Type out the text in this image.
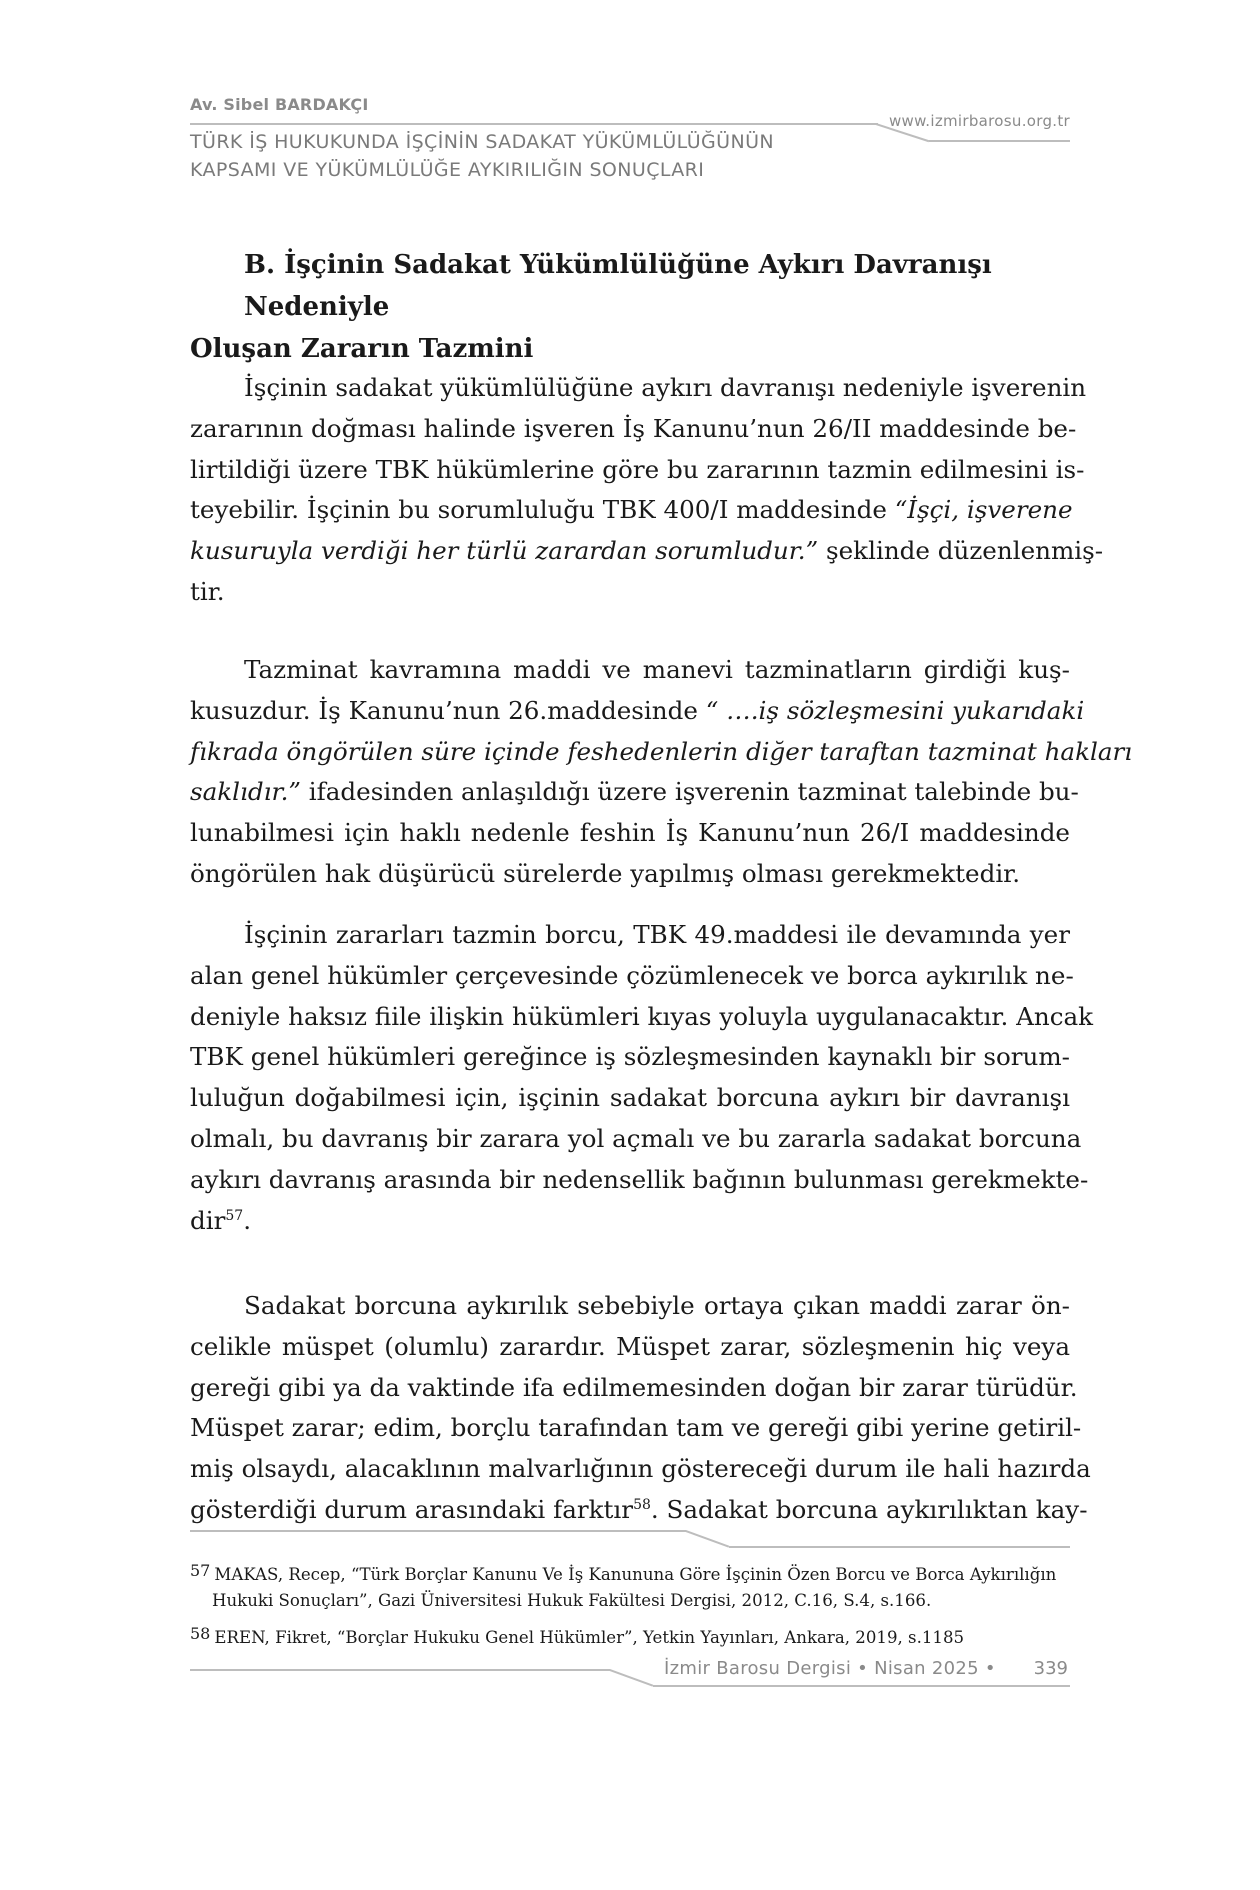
Av. Sibel BARDAKÇI
www.izmirbarosu.org.tr
TÜRK İŞ HUKUKUNDA İŞÇİNİN SADAKAT YÜKÜMLÜLÜĞÜNÜN
KAPSAMI VE YÜKÜMLÜLÜĞE AYKIRILIĞIN SONUÇLARI
B. İşçinin Sadakat Yükümlülüğüne Aykırı Davranışı Nedeniyle
Oluşan Zararın Tazmini
İşçinin sadakat yükümlülüğüne aykırı davranışı nedeniyle işverenin
zararının doğması halinde işveren İş Kanunu’nun 26/II maddesinde be-
lirtildiği üzere TBK hükümlerine göre bu zararının tazmin edilmesini is-
teyebilir. İşçinin bu sorumluluğu TBK 400/I maddesinde “İşçi, işverene
kusuruyla verdiği her türlü zarardan sorumludur.” şeklinde düzenlenmiş-
tir.
Tazminat kavramına maddi ve manevi tazminatların girdiği kuş-
kusuzdur. İş Kanunu’nun 26.maddesinde “ ….iş sözleşmesini yukarıdaki
fıkrada öngörülen süre içinde feshedenlerin diğer taraftan tazminat hakları
saklıdır.” ifadesinden anlaşıldığı üzere işverenin tazminat talebinde bu-
lunabilmesi için haklı nedenle feshin İş Kanunu’nun 26/I maddesinde
öngörülen hak düşürücü sürelerde yapılmış olması gerekmektedir.
İşçinin zararları tazmin borcu, TBK 49.maddesi ile devamında yer
alan genel hükümler çerçevesinde çözümlenecek ve borca aykırılık ne-
deniyle haksız fiile ilişkin hükümleri kıyas yoluyla uygulanacaktır. Ancak
TBK genel hükümleri gereğince iş sözleşmesinden kaynaklı bir sorum-
luluğun doğabilmesi için, işçinin sadakat borcuna aykırı bir davranışı
olmalı, bu davranış bir zarara yol açmalı ve bu zararla sadakat borcuna
aykırı davranış arasında bir nedensellik bağının bulunması gerekmekte-
dir$^{57}$.
Sadakat borcuna aykırılık sebebiyle ortaya çıkan maddi zarar ön-
celikle müspet (olumlu) zarardır. Müspet zarar, sözleşmenin hiç veya
gereği gibi ya da vaktinde ifa edilmemesinden doğan bir zarar türüdür.
Müspet zarar; edim, borçlu tarafından tam ve gereği gibi yerine getiril-
miş olsaydı, alacaklının malvarlığının göstereceği durum ile hali hazırda
gösterdiği durum arasındaki farktır$^{58}$. Sadakat borcuna aykırılıktan kay-
57 MAKAS, Recep, “Türk Borçlar Kanunu Ve İş Kanununa Göre İşçinin Özen Borcu ve Borca Aykırılığın
Hukuki Sonuçları”, Gazi Üniversitesi Hukuk Fakültesi Dergisi, 2012, C.16, S.4, s.166.
58 EREN, Fikret, “Borçlar Hukuku Genel Hükümler”, Yetkin Yayınları, Ankara, 2019, s.1185
İzmir Barosu Dergisi • Nisan 2025 • 339
